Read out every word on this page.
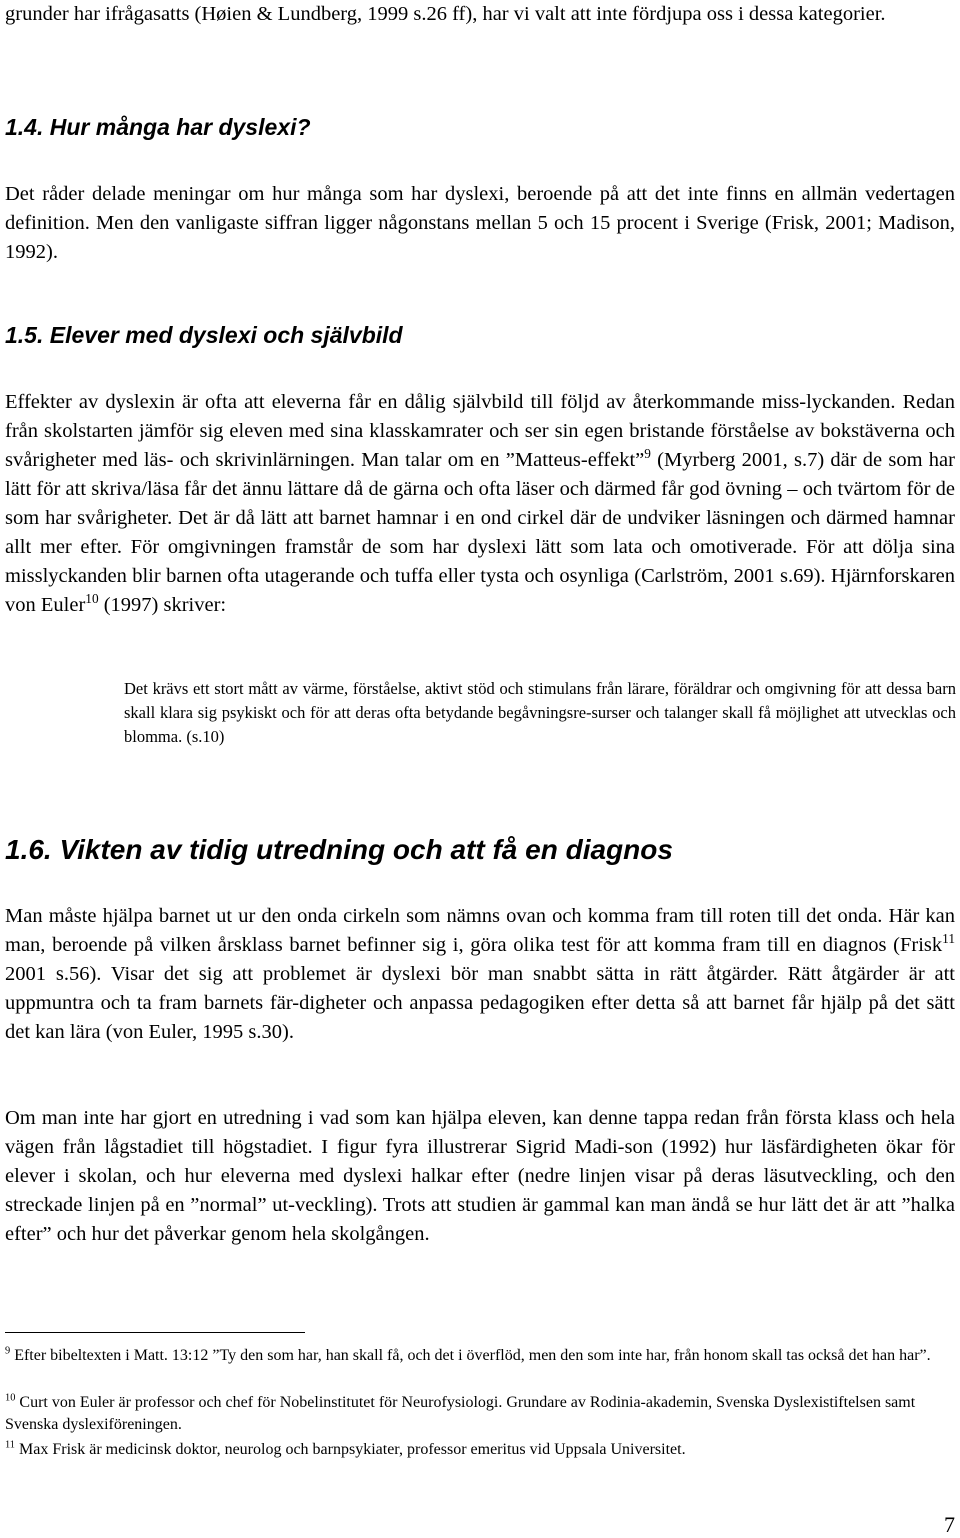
grunder har ifrågasatts (Høien & Lundberg, 1999 s.26 ff), har vi valt att inte fördjupa oss i dessa kategorier.

1.4. Hur många har dyslexi?

Det råder delade meningar om hur många som har dyslexi, beroende på att det inte finns en allmän vedertagen definition. Men den vanligaste siffran ligger någonstans mellan 5 och 15 procent i Sverige (Frisk, 2001; Madison, 1992).

1.5. Elever med dyslexi och självbild

Effekter av dyslexin är ofta att eleverna får en dålig självbild till följd av återkommande miss-lyckanden. Redan från skolstarten jämför sig eleven med sina klasskamrater och ser sin egen bristande förståelse av bokstäverna och svårigheter med läs- och skrivinlärningen. Man talar om en ”Matteus-effekt”$^9$ (Myrberg 2001, s.7) där de som har lätt för att skriva/läsa får det ännu lättare då de gärna och ofta läser och därmed får god övning – och tvärtom för de som har svårigheter. Det är då lätt att barnet hamnar i en ond cirkel där de undviker läsningen och därmed hamnar allt mer efter. För omgivningen framstår de som har dyslexi lätt som lata och omotiverade. För att dölja sina misslyckanden blir barnen ofta utagerande och tuffa eller tysta och osynliga (Carlström, 2001 s.69). Hjärnforskaren von Euler$^{10}$ (1997) skriver:

Det krävs ett stort mått av värme, förståelse, aktivt stöd och stimulans från lärare, föräldrar och omgivning för att dessa barn skall klara sig psykiskt och för att deras ofta betydande begåvningsre-surser och talanger skall få möjlighet att utvecklas och blomma. (s.10)

1.6. Vikten av tidig utredning och att få en diagnos

Man måste hjälpa barnet ut ur den onda cirkeln som nämns ovan och komma fram till roten till det onda. Här kan man, beroende på vilken årsklass barnet befinner sig i, göra olika test för att komma fram till en diagnos (Frisk$^{11}$ 2001 s.56). Visar det sig att problemet är dyslexi bör man snabbt sätta in rätt åtgärder. Rätt åtgärder är att uppmuntra och ta fram barnets fär-digheter och anpassa pedagogiken efter detta så att barnet får hjälp på det sätt det kan lära (von Euler, 1995 s.30).

Om man inte har gjort en utredning i vad som kan hjälpa eleven, kan denne tappa redan från första klass och hela vägen från lågstadiet till högstadiet. I figur fyra illustrerar Sigrid Madi-son (1992) hur läsfärdigheten ökar för elever i skolan, och hur eleverna med dyslexi halkar efter (nedre linjen visar på deras läsutveckling, och den streckade linjen på en ”normal” ut-veckling). Trots att studien är gammal kan man ändå se hur lätt det är att ”halka efter” och hur det påverkar genom hela skolgången.

$^9$ Efter bibeltexten i Matt. 13:12 ”Ty den som har, han skall få, och det i överflöd, men den som inte har, från honom skall tas också det han har”.

$^{10}$ Curt von Euler är professor och chef för Nobelinstitutet för Neurofysiologi. Grundare av Rodinia-akademin, Svenska Dyslexistiftelsen samt Svenska dyslexiföreningen.

$^{11}$ Max Frisk är medicinsk doktor, neurolog och barnpsykiater, professor emeritus vid Uppsala Universitet.

7
